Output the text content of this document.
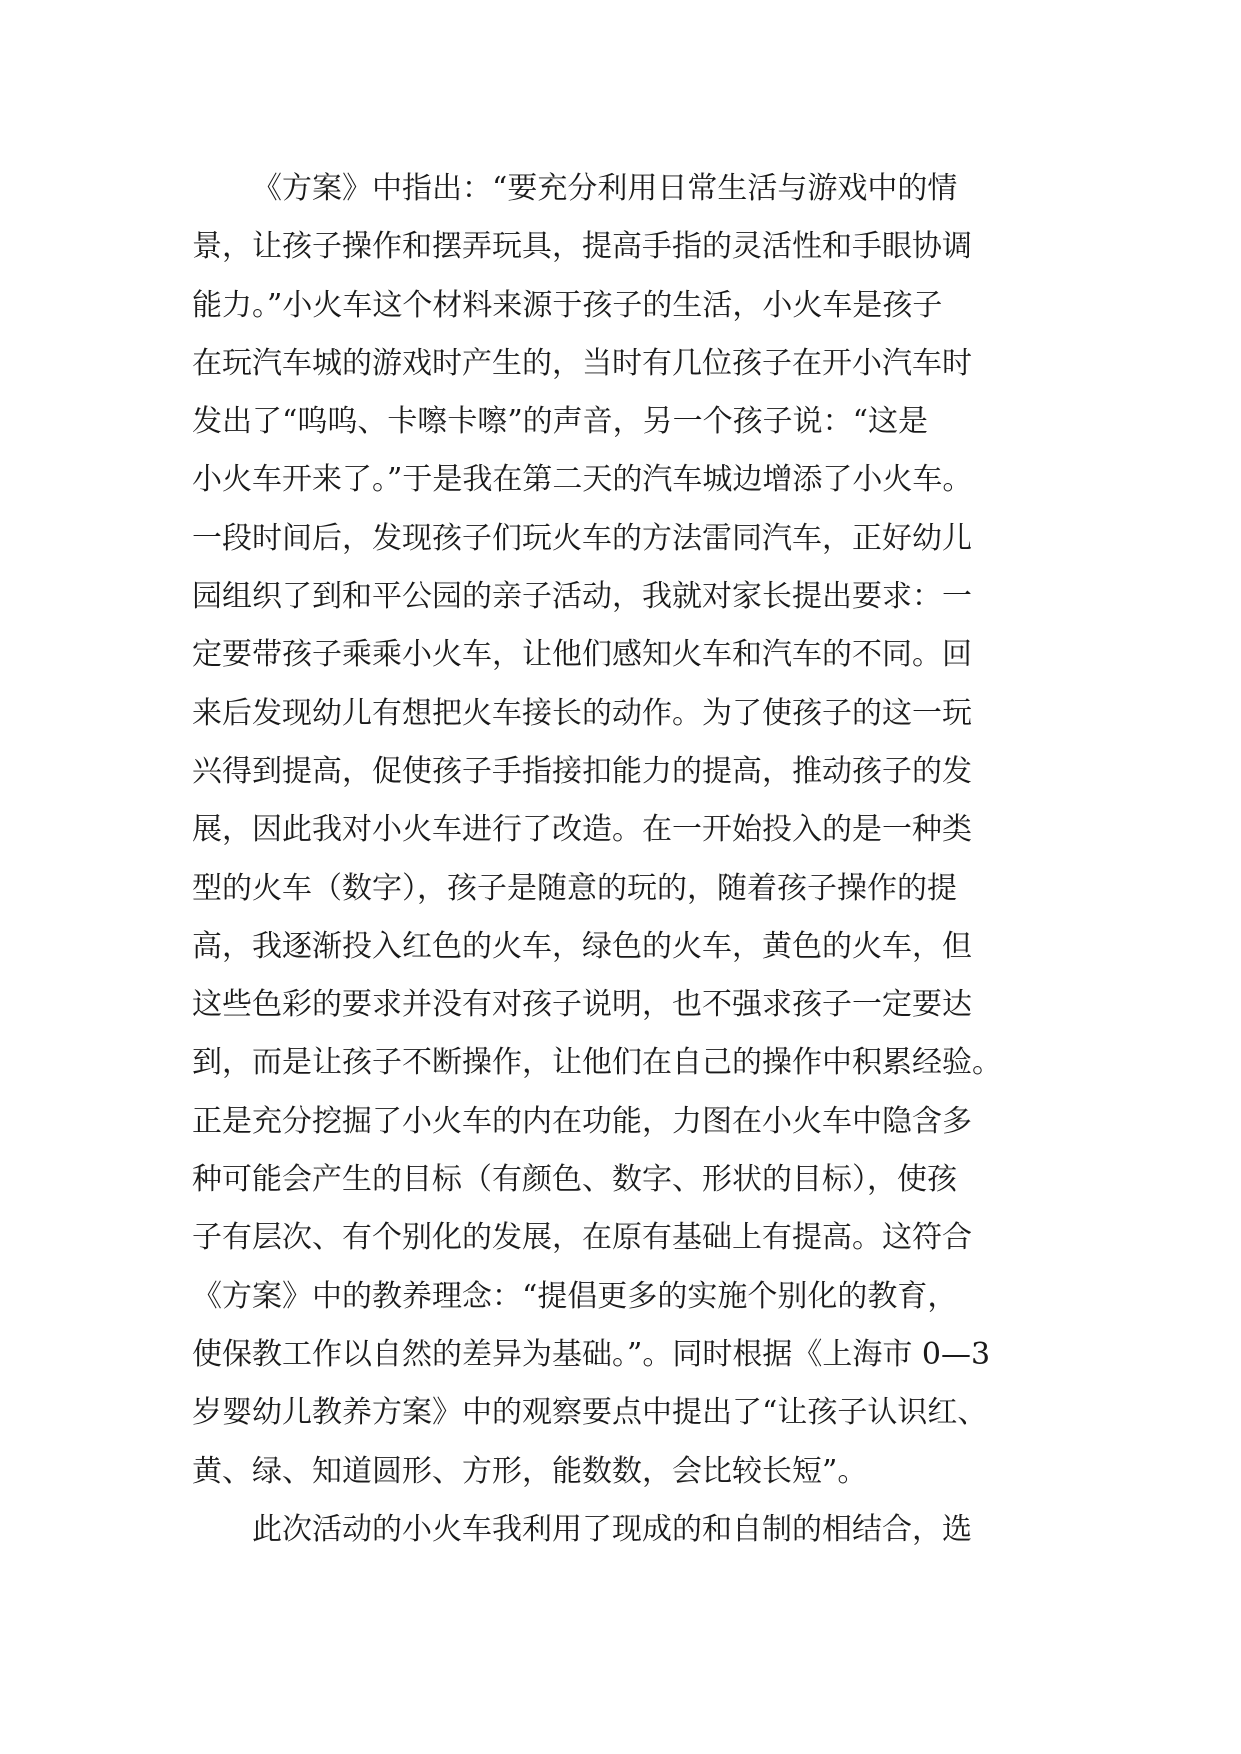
《方案》中指出：“要充分利用日常生活与游戏中的情
景，让孩子操作和摆弄玩具，提高手指的灵活性和手眼协调
能力。”小火车这个材料来源于孩子的生活，小火车是孩子
在玩汽车城的游戏时产生的，当时有几位孩子在开小汽车时
发出了“呜呜、卡嚓卡嚓”的声音，另一个孩子说：“这是
小火车开来了。”于是我在第二天的汽车城边增添了小火车。
一段时间后，发现孩子们玩火车的方法雷同汽车，正好幼儿
园组织了到和平公园的亲子活动，我就对家长提出要求：一
定要带孩子乘乘小火车，让他们感知火车和汽车的不同。回
来后发现幼儿有想把火车接长的动作。为了使孩子的这一玩
兴得到提高，促使孩子手指接扣能力的提高，推动孩子的发
展，因此我对小火车进行了改造。在一开始投入的是一种类
型的火车（数字），孩子是随意的玩的，随着孩子操作的提
高，我逐渐投入红色的火车，绿色的火车，黄色的火车，但
这些色彩的要求并没有对孩子说明，也不强求孩子一定要达
到，而是让孩子不断操作，让他们在自己的操作中积累经验。
正是充分挖掘了小火车的内在功能，力图在小火车中隐含多
种可能会产生的目标（有颜色、数字、形状的目标），使孩
子有层次、有个别化的发展，在原有基础上有提高。这符合
《方案》中的教养理念：“提倡更多的实施个别化的教育，
使保教工作以自然的差异为基础。”。同时根据《上海市 0—3
岁婴幼儿教养方案》中的观察要点中提出了“让孩子认识红、
黄、绿、知道圆形、方形，能数数，会比较长短”。
此次活动的小火车我利用了现成的和自制的相结合，选
